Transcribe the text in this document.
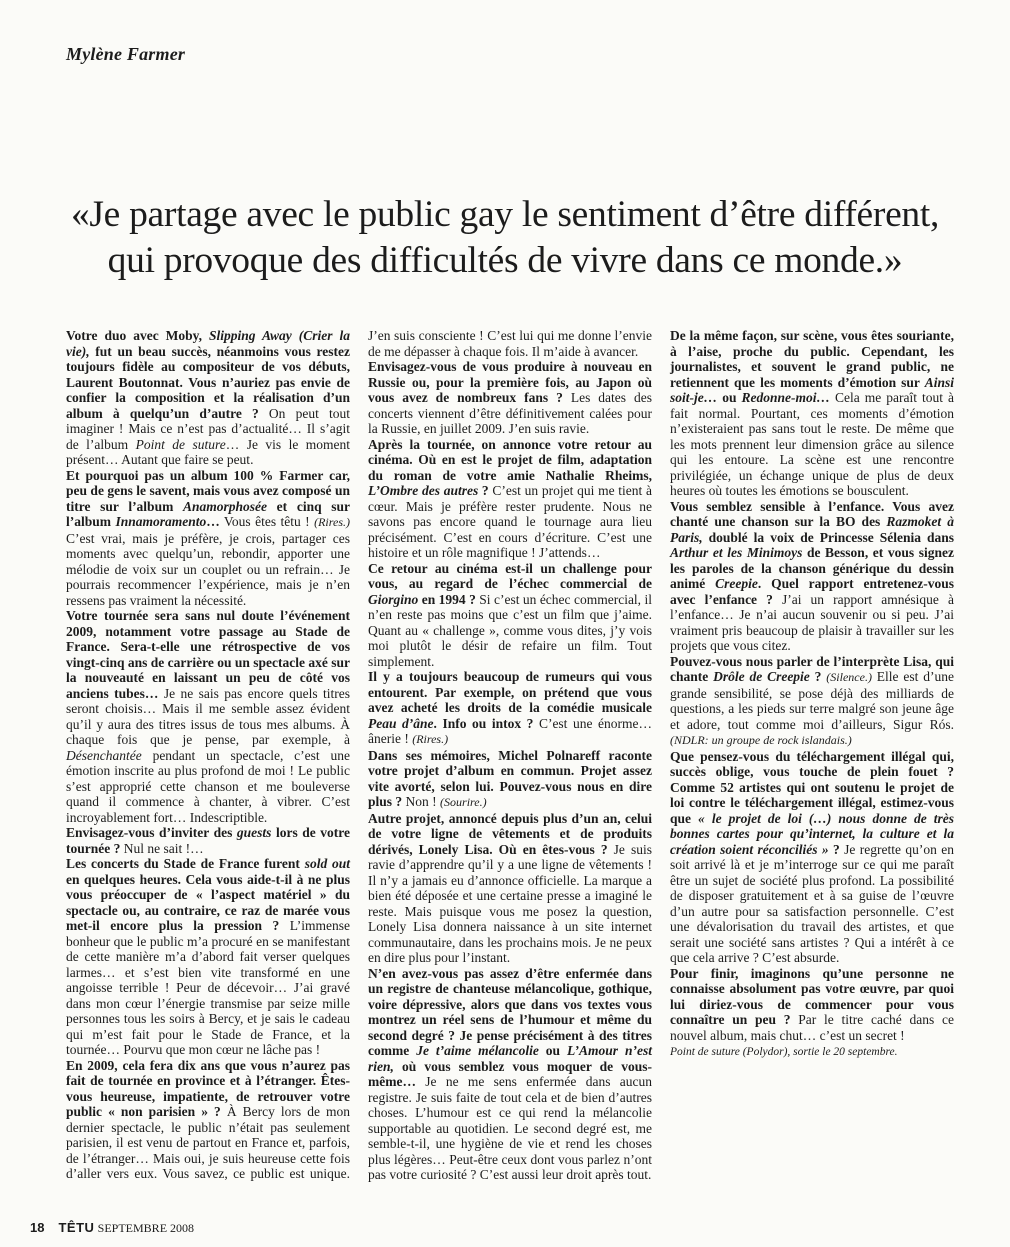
Mylène Farmer
«Je partage avec le public gay le sentiment d’être différent,
qui provoque des difficultés de vivre dans ce monde.»

Votre duo avec Moby, Slipping Away (Crier la vie), fut un beau succès, néanmoins vous restez toujours fidèle au compositeur de vos débuts, Laurent Boutonnat. Vous n’auriez pas envie de confier la composition et la réalisation d’un album à quelqu’un d’autre ? On peut tout imaginer ! Mais ce n’est pas d’actualité… Il s’agit de l’album Point de suture… Je vis le moment présent… Autant que faire se peut.

Et pourquoi pas un album 100 % Farmer car, peu de gens le savent, mais vous avez composé un titre sur l’album Anamorphosée et cinq sur l’album Innamoramento… Vous êtes têtu ! (Rires.) C’est vrai, mais je préfère, je crois, partager ces moments avec quelqu’un, rebondir, apporter une mélodie de voix sur un couplet ou un refrain… Je pourrais recommencer l’expérience, mais je n’en ressens pas vraiment la nécessité.

Votre tournée sera sans nul doute l’événement 2009, notamment votre passage au Stade de France. Sera-t-elle une rétrospective de vos vingt-cinq ans de carrière ou un spectacle axé sur la nouveauté en laissant un peu de côté vos anciens tubes… Je ne sais pas encore quels titres seront choisis… Mais il me semble assez évident qu’il y aura des titres issus de tous mes albums. À chaque fois que je pense, par exemple, à Désenchantée pendant un spectacle, c’est une émotion inscrite au plus profond de moi ! Le public s’est approprié cette chanson et me bouleverse quand il commence à chanter, à vibrer. C’est incroyablement fort… Indescriptible.

Envisagez-vous d’inviter des guests lors de votre tournée ? Nul ne sait !…

Les concerts du Stade de France furent sold out en quelques heures. Cela vous aide-t-il à ne plus vous préoccuper de « l’aspect matériel » du spectacle ou, au contraire, ce raz de marée vous met-il encore plus la pression ? L’immense bonheur que le public m’a procuré en se manifestant de cette manière m’a d’abord fait verser quelques larmes… et s’est bien vite transformé en une angoisse terrible ! Peur de décevoir… J’ai gravé dans mon cœur l’énergie transmise par seize mille personnes tous les soirs à Bercy, et je sais le cadeau qui m’est fait pour le Stade de France, et la tournée… Pourvu que mon cœur ne lâche pas !

En 2009, cela fera dix ans que vous n’aurez pas fait de tournée en province et à l’étranger. Êtes-vous heureuse, impatiente, de retrouver votre public « non parisien » ? À Bercy lors de mon dernier spectacle, le public n’était pas seulement parisien, il est venu de partout en France et, parfois, de l’étranger… Mais oui, je suis heureuse cette fois d’aller vers eux. Vous savez, ce public est unique. J’en suis consciente ! C’est lui qui me donne l’envie de me dépasser à chaque fois. Il m’aide à avancer.

Envisagez-vous de vous produire à nouveau en Russie ou, pour la première fois, au Japon où vous avez de nombreux fans ? Les dates des concerts viennent d’être définitivement calées pour la Russie, en juillet 2009. J’en suis ravie.

Après la tournée, on annonce votre retour au cinéma. Où en est le projet de film, adaptation du roman de votre amie Nathalie Rheims, L’Ombre des autres ? C’est un projet qui me tient à cœur. Mais je préfère rester prudente. Nous ne savons pas encore quand le tournage aura lieu précisément. C’est en cours d’écriture. C’est une histoire et un rôle magnifique ! J’attends…

Ce retour au cinéma est-il un challenge pour vous, au regard de l’échec commercial de Giorgino en 1994 ? Si c’est un échec commercial, il n’en reste pas moins que c’est un film que j’aime. Quant au « challenge », comme vous dites, j’y vois moi plutôt le désir de refaire un film. Tout simplement.

Il y a toujours beaucoup de rumeurs qui vous entourent. Par exemple, on prétend que vous avez acheté les droits de la comédie musicale Peau d’âne. Info ou intox ? C’est une énorme… ânerie ! (Rires.)

Dans ses mémoires, Michel Polnareff raconte votre projet d’album en commun. Projet assez vite avorté, selon lui. Pouvez-vous nous en dire plus ? Non ! (Sourire.)

Autre projet, annoncé depuis plus d’un an, celui de votre ligne de vêtements et de produits dérivés, Lonely Lisa. Où en êtes-vous ? Je suis ravie d’apprendre qu’il y a une ligne de vêtements ! Il n’y a jamais eu d’annonce officielle. La marque a bien été déposée et une certaine presse a imaginé le reste. Mais puisque vous me posez la question, Lonely Lisa donnera naissance à un site internet communautaire, dans les prochains mois. Je ne peux en dire plus pour l’instant.

N’en avez-vous pas assez d’être enfermée dans un registre de chanteuse mélancolique, gothique, voire dépressive, alors que dans vos textes vous montrez un réel sens de l’humour et même du second degré ? Je pense précisément à des titres comme Je t’aime mélancolie ou L’Amour n’est rien, où vous semblez vous moquer de vous-même… Je ne me sens enfermée dans aucun registre. Je suis faite de tout cela et de bien d’autres choses. L’humour est ce qui rend la mélancolie supportable au quotidien. Le second degré est, me semble-t-il, une hygiène de vie et rend les choses plus légères… Peut-être ceux dont vous parlez n’ont pas votre curiosité ? C’est aussi leur droit après tout.

De la même façon, sur scène, vous êtes souriante, à l’aise, proche du public. Cependant, les journalistes, et souvent le grand public, ne retiennent que les moments d’émotion sur Ainsi soit-je… ou Redonne-moi… Cela me paraît tout à fait normal. Pourtant, ces moments d’émotion n’existeraient pas sans tout le reste. De même que les mots prennent leur dimension grâce au silence qui les entoure. La scène est une rencontre privilégiée, un échange unique de plus de deux heures où toutes les émotions se bousculent.

Vous semblez sensible à l’enfance. Vous avez chanté une chanson sur la BO des Razmoket à Paris, doublé la voix de Princesse Sélenia dans Arthur et les Minimoys de Besson, et vous signez les paroles de la chanson générique du dessin animé Creepie. Quel rapport entretenez-vous avec l’enfance ? J’ai un rapport amnésique à l’enfance… Je n’ai aucun souvenir ou si peu. J’ai vraiment pris beaucoup de plaisir à travailler sur les projets que vous citez.

Pouvez-vous nous parler de l’interprète Lisa, qui chante Drôle de Creepie ? (Silence.) Elle est d’une grande sensibilité, se pose déjà des milliards de questions, a les pieds sur terre malgré son jeune âge et adore, tout comme moi d’ailleurs, Sigur Rós. (NDLR: un groupe de rock islandais.)

Que pensez-vous du téléchargement illégal qui, succès oblige, vous touche de plein fouet ? Comme 52 artistes qui ont soutenu le projet de loi contre le téléchargement illégal, estimez-vous que « le projet de loi (…) nous donne de très bonnes cartes pour qu’internet, la culture et la création soient réconciliés » ? Je regrette qu’on en soit arrivé là et je m’interroge sur ce qui me paraît être un sujet de société plus profond. La possibilité de disposer gratuitement et à sa guise de l’œuvre d’un autre pour sa satisfaction personnelle. C’est une dévalorisation du travail des artistes, et que serait une société sans artistes ? Qui a intérêt à ce que cela arrive ? C’est absurde.

Pour finir, imaginons qu’une personne ne connaisse absolument pas votre œuvre, par quoi lui diriez-vous de commencer pour vous connaître un peu ? Par le titre caché dans ce nouvel album, mais chut… c’est un secret !

Point de suture (Polydor), sortie le 20 septembre.

18 TÊTU SEPTEMBRE 2008
